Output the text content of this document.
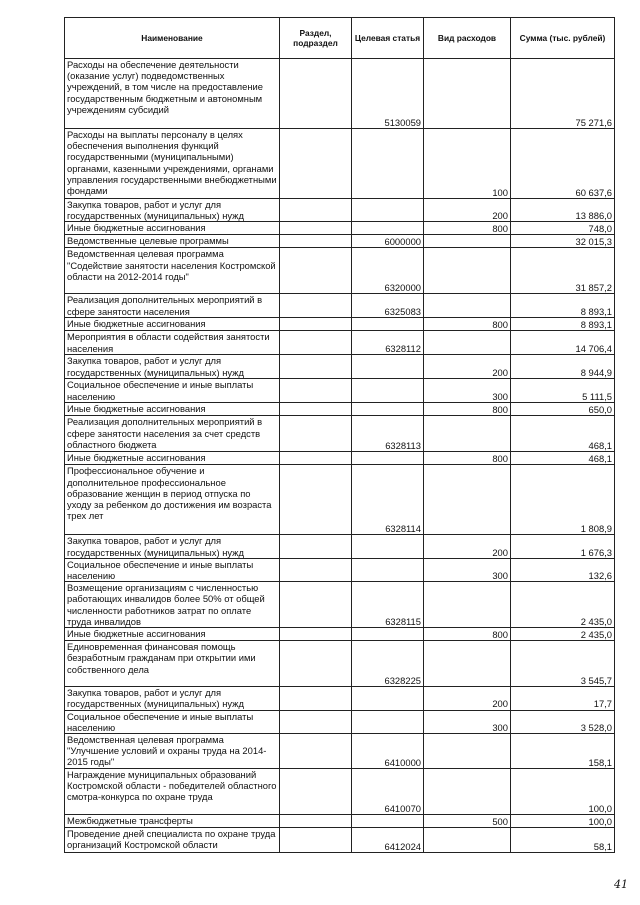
Наименование	Раздел, подраздел	Целевая статья	Вид расходов	Сумма (тыс. рублей)
Расходы на обеспечение деятельности (оказание услуг) подведомственных учреждений, в том числе на предоставление государственным бюджетным и автономным учреждениям субсидий		5130059		75 271,6
Расходы на выплаты персоналу в целях обеспечения выполнения функций государственными (муниципальными) органами, казенными учреждениями, органами управления государственными внебюджетными фондами			100	60 637,6
Закупка товаров, работ и услуг для государственных (муниципальных) нужд			200	13 886,0
Иные бюджетные ассигнования			800	748,0
Ведомственные целевые программы		6000000		32 015,3
Ведомственная целевая программа "Содействие занятости населения Костромской области на 2012-2014 годы"		6320000		31 857,2
Реализация дополнительных мероприятий в сфере занятости населения		6325083		8 893,1
Иные бюджетные ассигнования			800	8 893,1
Мероприятия в области содействия занятости населения		6328112		14 706,4
Закупка товаров, работ и услуг для государственных (муниципальных) нужд			200	8 944,9
Социальное обеспечение и иные выплаты населению			300	5 111,5
Иные бюджетные ассигнования			800	650,0
Реализация дополнительных мероприятий в сфере занятости населения за счет средств областного бюджета		6328113		468,1
Иные бюджетные ассигнования			800	468,1
Профессиональное обучение и дополнительное профессиональное образование женщин в период отпуска по уходу за ребенком до достижения им возраста трех лет		6328114		1 808,9
Закупка товаров, работ и услуг для государственных (муниципальных) нужд			200	1 676,3
Социальное обеспечение и иные выплаты населению			300	132,6
Возмещение организациям с численностью работающих инвалидов более 50% от общей численности работников затрат по оплате труда инвалидов		6328115		2 435,0
Иные бюджетные ассигнования			800	2 435,0
Единовременная финансовая помощь безработным гражданам при открытии ими собственного дела		6328225		3 545,7
Закупка товаров, работ и услуг для государственных (муниципальных) нужд			200	17,7
Социальное обеспечение и иные выплаты населению			300	3 528,0
Ведомственная целевая программа "Улучшение условий и охраны труда на 2014-2015 годы"		6410000		158,1
Награждение муниципальных образований Костромской области - победителей областного смотра-конкурса по охране труда		6410070		100,0
Межбюджетные трансферты			500	100,0
Проведение дней специалиста по охране труда организаций Костромской области		6412024		58,1
41
